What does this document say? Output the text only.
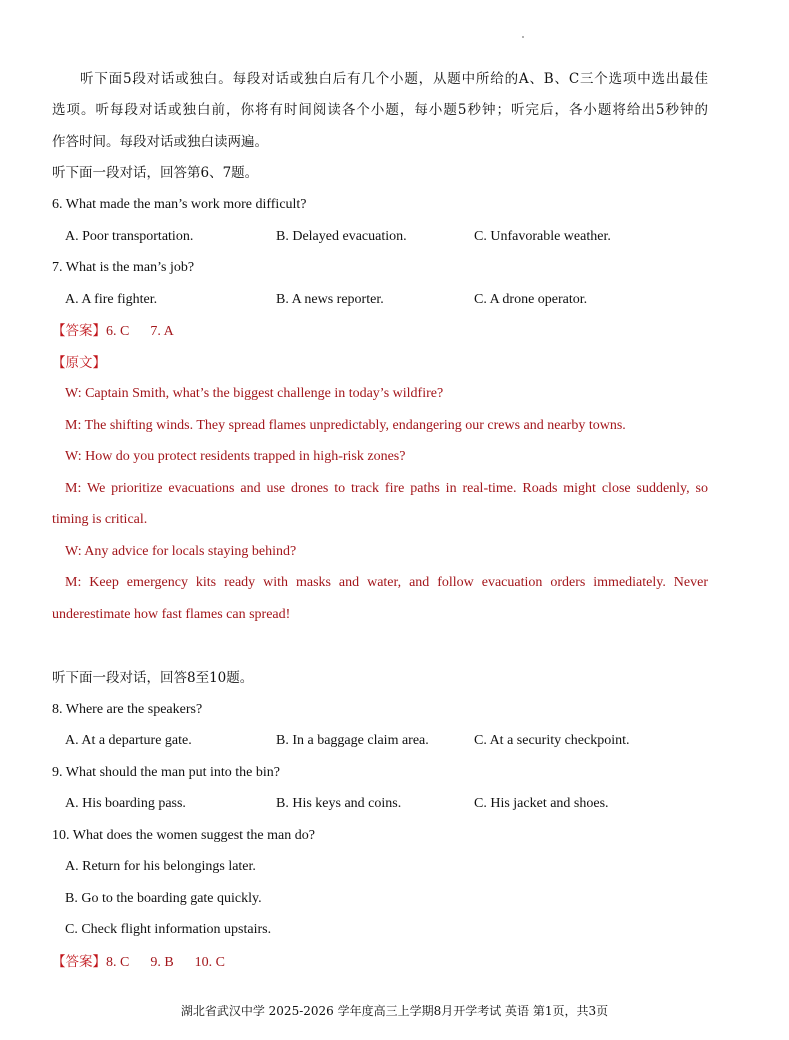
听下面5段对话或独白。每段对话或独白后有几个小题，从题中所给的A、B、C三个选项中选出最佳
选项。听每段对话或独白前，你将有时间阅读各个小题，每小题5秒钟；听完后，各小题将给出5秒钟的
作答时间。每段对话或独白读两遍。
听下面一段对话，回答第6、7题。
6. What made the man’s work more difficult?
A. Poor transportation.	B. Delayed evacuation.	C. Unfavorable weather.
7. What is the man’s job?
A. A fire fighter.	B. A news reporter.	C. A drone operator.
【答案】6. C      7. A
【原文】
W: Captain Smith, what’s the biggest challenge in today’s wildfire?
M: The shifting winds. They spread flames unpredictably, endangering our crews and nearby towns.
W: How do you protect residents trapped in high-risk zones?
M: We prioritize evacuations and use drones to track fire paths in real-time. Roads might close suddenly, so
timing is critical.
W: Any advice for locals staying behind?
M: Keep emergency kits ready with masks and water, and follow evacuation orders immediately. Never
underestimate how fast flames can spread!
听下面一段对话，回答8至10题。
8. Where are the speakers?
A. At a departure gate.	B. In a baggage claim area.	C. At a security checkpoint.
9. What should the man put into the bin?
A. His boarding pass.	B. His keys and coins.	C. His jacket and shoes.
10. What does the women suggest the man do?
A. Return for his belongings later.
B. Go to the boarding gate quickly.
C. Check flight information upstairs.
【答案】8. C      9. B      10. C
湖北省武汉中学 2025-2026 学年度高三上学期8月开学考试 英语 第1页，共3页
